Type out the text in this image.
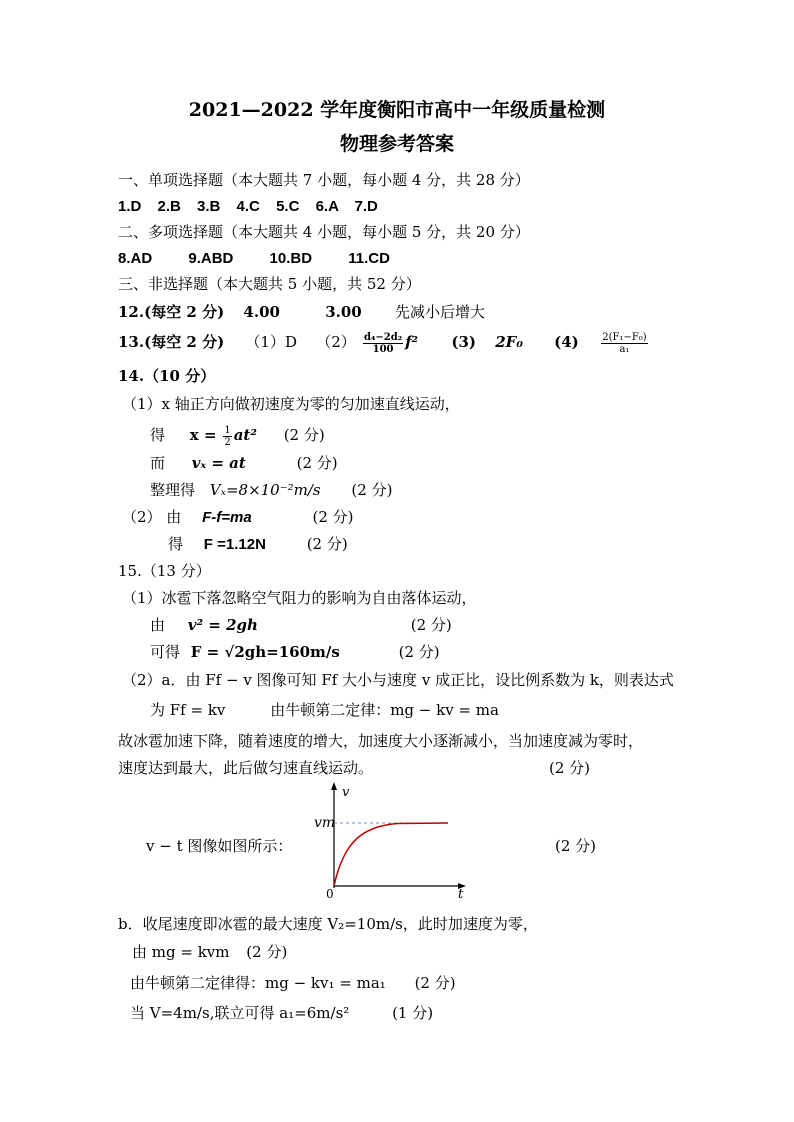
2021—2022 学年度衡阳市高中一年级质量检测
物理参考答案
一、单项选择题（本大题共 7 小题，每小题 4 分，共 28 分）
1.D 2.B 3.B 4.C 5.C 6.A 7.D
二、多项选择题（本大题共 4 小题，每小题 5 分，共 20 分）
8.AD 9.ABD 10.BD 11.CD
三、非选择题（本大题共 5 小题，共 52 分）
12.(每空 2 分) 4.00	3.00 先减小后增大
13.(每空 2 分) （1）D $(2) \frac{\text{d₄−2d₂}}{100} f^2$ (3) 2F₀ $(4) \frac{\text{2(F₁−F₀)}}{\text{a₁}}$
14.（10 分）
（1）x 轴正方向做初速度为零的匀加速直线运动，
得 $x = \frac{1}{2} at^2$ (2 分)
而 vₓ = at	(2 分)
整理得 Vₓ=8×10⁻²m/s (2 分)
（2） 由 F-f=ma	(2 分)
得 F =1.12N	(2 分)
15.（13 分）
（1）冰雹下落忽略空气阻力的影响为自由落体运动，
由 v² = 2gh	(2 分)
可得 F = √2gh=160m/s	(2 分)
（2）a．由 Ff − v 图像可知 Ff 大小与速度 v 成正比，设比例系数为 k，则表达式
为 Ff = kv	由牛顿第二定律：mg − kv = ma
故冰雹加速下降，随着速度的增大，加速度大小逐渐减小，当加速度减为零时，
速度达到最大，此后做匀速直线运动。	(2 分)
v − t 图像如图所示：	(2 分)
v
t
vm
0
b．收尾速度即冰雹的最大速度 V₂=10m/s，此时加速度为零，
由 mg = kvm (2 分)
由牛顿第二定律得：mg − kv₁ = ma₁ (2 分)
当 V=4m/s,联立可得 a₁=6m/s²	(1 分)
